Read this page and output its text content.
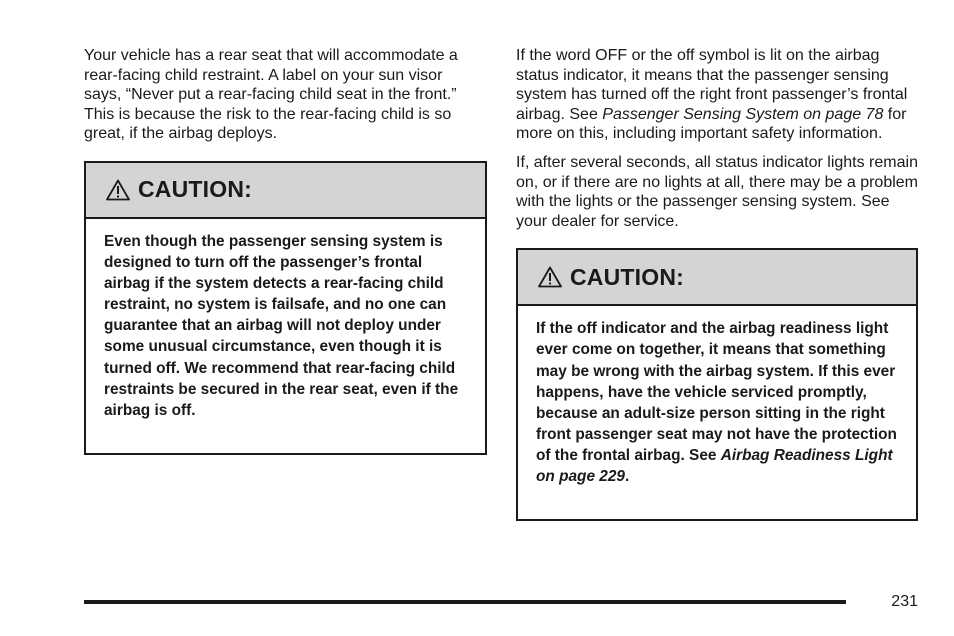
Your vehicle has a rear seat that will accommodate a rear-facing child restraint. A label on your sun visor says, “Never put a rear-facing child seat in the front.” This is because the risk to the rear-facing child is so great, if the airbag deploys.

CAUTION:
Even though the passenger sensing system is designed to turn off the passenger’s frontal airbag if the system detects a rear-facing child restraint, no system is failsafe, and no one can guarantee that an airbag will not deploy under some unusual circumstance, even though it is turned off. We recommend that rear-facing child restraints be secured in the rear seat, even if the airbag is off.

If the word OFF or the off symbol is lit on the airbag status indicator, it means that the passenger sensing system has turned off the right front passenger’s frontal airbag. See Passenger Sensing System on page 78 for more on this, including important safety information.

If, after several seconds, all status indicator lights remain on, or if there are no lights at all, there may be a problem with the lights or the passenger sensing system. See your dealer for service.

CAUTION:
If the off indicator and the airbag readiness light ever come on together, it means that something may be wrong with the airbag system. If this ever happens, have the vehicle serviced promptly, because an adult-size person sitting in the right front passenger seat may not have the protection of the frontal airbag. See Airbag Readiness Light on page 229.
231
